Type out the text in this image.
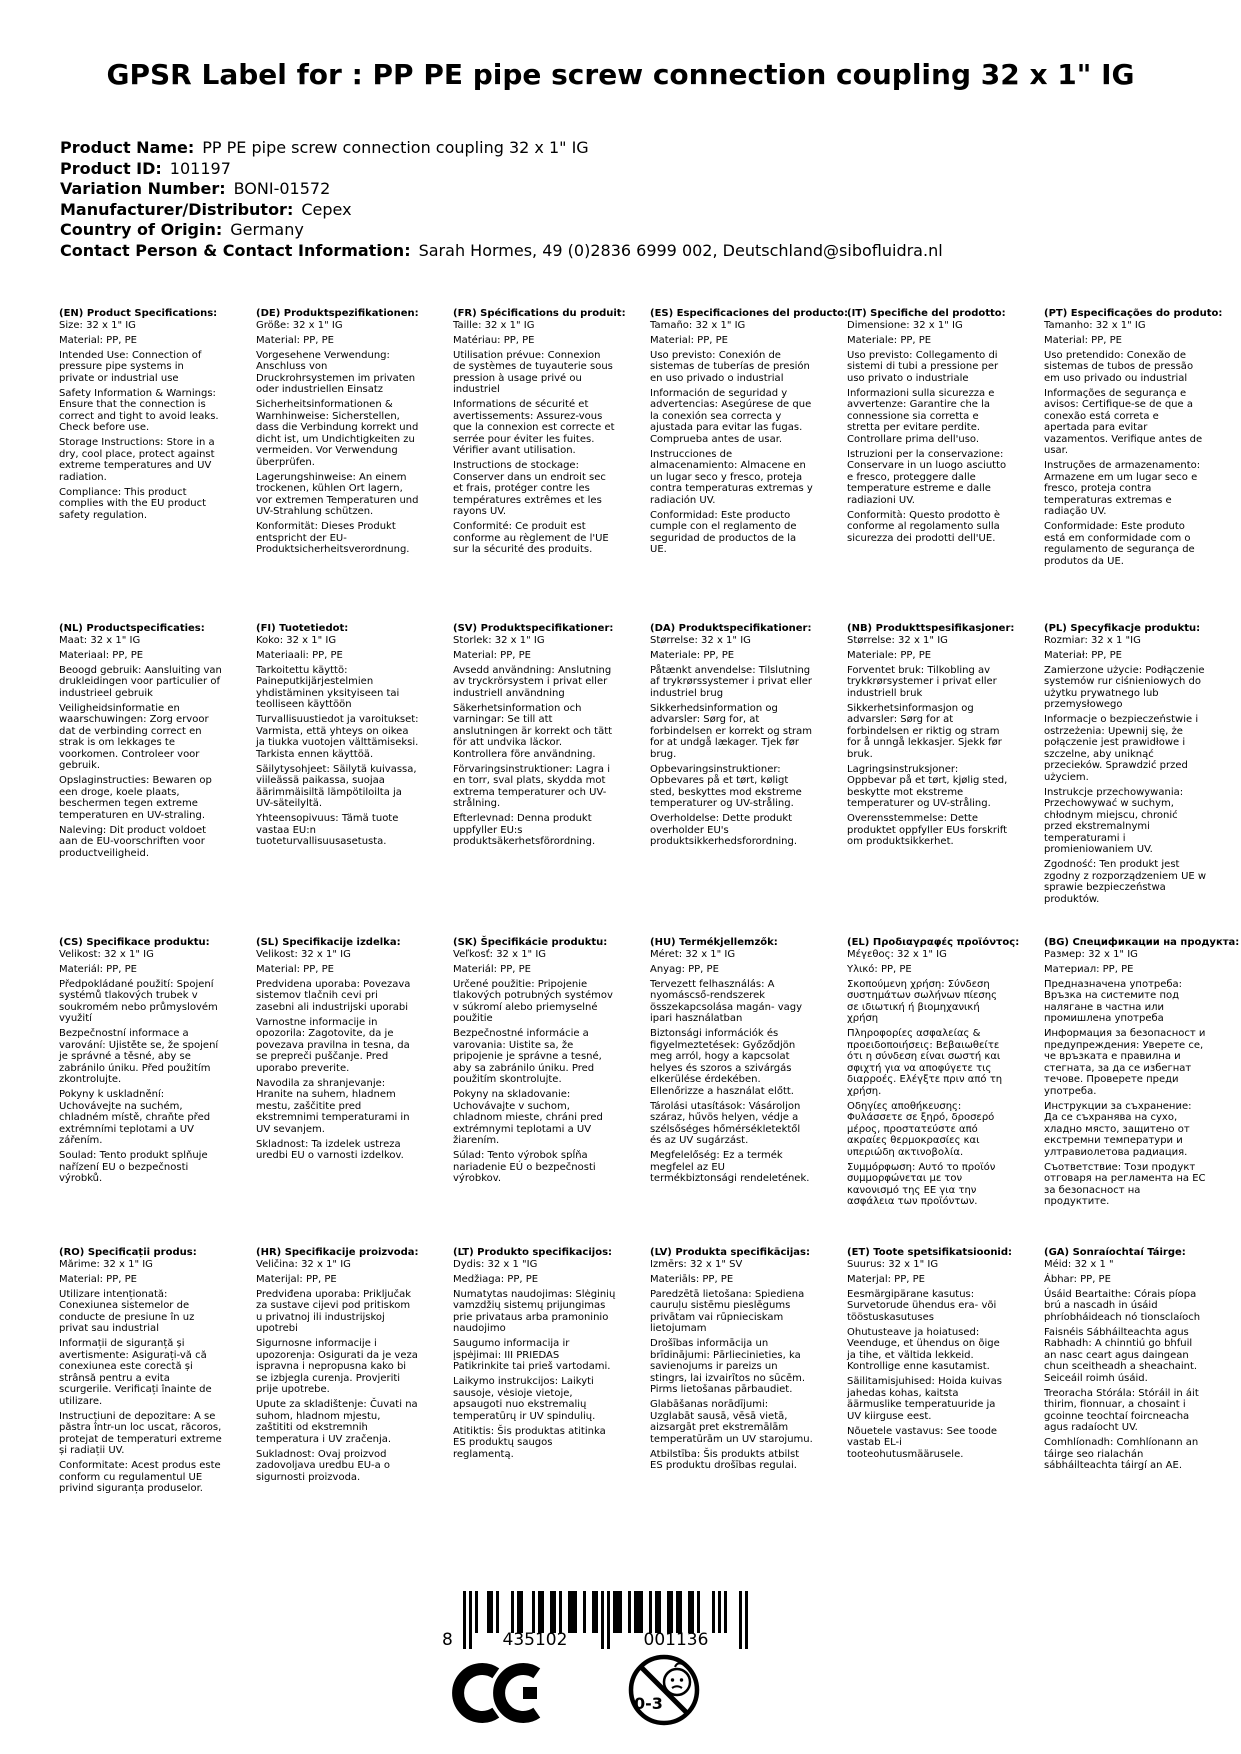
GPSR Label for : PP PE pipe screw connection coupling 32 x 1" IG
Product Name: PP PE pipe screw connection coupling 32 x 1" IG
Product ID: 101197
Variation Number: BONI-01572
Manufacturer/Distributor: Cepex
Country of Origin: Germany
Contact Person & Contact Information: Sarah Hormes, 49 (0)2836 6999 002, Deutschland@sibofluidra.nl
(EN) Product Specifications:
Size: 32 x 1" IG
Material: PP, PE
Intended Use: Connection of pressure pipe systems in private or industrial use
Safety Information & Warnings: Ensure that the connection is correct and tight to avoid leaks. Check before use.
Storage Instructions: Store in a dry, cool place, protect against extreme temperatures and UV radiation.
Compliance: This product complies with the EU product safety regulation.
(DE) Produktspezifikationen:
Größe: 32 x 1" IG
Material: PP, PE
Vorgesehene Verwendung: Anschluss von Druckrohrsystemen im privaten oder industriellen Einsatz
Sicherheitsinformationen & Warnhinweise: Sicherstellen, dass die Verbindung korrekt und dicht ist, um Undichtigkeiten zu vermeiden. Vor Verwendung überprüfen.
Lagerungshinweise: An einem trockenen, kühlen Ort lagern, vor extremen Temperaturen und UV-Strahlung schützen.
Konformität: Dieses Produkt entspricht der EU-Produktsicherheitsverordnung.
(FR) Spécifications du produit:
Taille: 32 x 1" IG
Matériau: PP, PE
Utilisation prévue: Connexion de systèmes de tuyauterie sous pression à usage privé ou industriel
Informations de sécurité et avertissements: Assurez-vous que la connexion est correcte et serrée pour éviter les fuites. Vérifier avant utilisation.
Instructions de stockage: Conserver dans un endroit sec et frais, protéger contre les températures extrêmes et les rayons UV.
Conformité: Ce produit est conforme au règlement de l'UE sur la sécurité des produits.
(ES) Especificaciones del producto:
Tamaño: 32 x 1" IG
Material: PP, PE
Uso previsto: Conexión de sistemas de tuberías de presión en uso privado o industrial
Información de seguridad y advertencias: Asegúrese de que la conexión sea correcta y ajustada para evitar las fugas. Comprueba antes de usar.
Instrucciones de almacenamiento: Almacene en un lugar seco y fresco, proteja contra temperaturas extremas y radiación UV.
Conformidad: Este producto cumple con el reglamento de seguridad de productos de la UE.
(IT) Specifiche del prodotto:
Dimensione: 32 x 1" IG
Materiale: PP, PE
Uso previsto: Collegamento di sistemi di tubi a pressione per uso privato o industriale
Informazioni sulla sicurezza e avvertenze: Garantire che la connessione sia corretta e stretta per evitare perdite. Controllare prima dell'uso.
Istruzioni per la conservazione: Conservare in un luogo asciutto e fresco, proteggere dalle temperature estreme e dalle radiazioni UV.
Conformità: Questo prodotto è conforme al regolamento sulla sicurezza dei prodotti dell'UE.
(PT) Especificações do produto:
Tamanho: 32 x 1" IG
Material: PP, PE
Uso pretendido: Conexão de sistemas de tubos de pressão em uso privado ou industrial
Informações de segurança e avisos: Certifique-se de que a conexão está correta e apertada para evitar vazamentos. Verifique antes de usar.
Instruções de armazenamento: Armazene em um lugar seco e fresco, proteja contra temperaturas extremas e radiação UV.
Conformidade: Este produto está em conformidade com o regulamento de segurança de produtos da UE.
(NL) Productspecificaties:
Maat: 32 x 1" IG
Materiaal: PP, PE
Beoogd gebruik: Aansluiting van drukleidingen voor particulier of industrieel gebruik
Veiligheidsinformatie en waarschuwingen: Zorg ervoor dat de verbinding correct en strak is om lekkages te voorkomen. Controleer voor gebruik.
Opslaginstructies: Bewaren op een droge, koele plaats, beschermen tegen extreme temperaturen en UV-straling.
Naleving: Dit product voldoet aan de EU-voorschriften voor productveiligheid.
(FI) Tuotetiedot:
Koko: 32 x 1" IG
Materiaali: PP, PE
Tarkoitettu käyttö: Paineputkijärjestelmien yhdistäminen yksityiseen tai teolliseen käyttöön
Turvallisuustiedot ja varoitukset: Varmista, että yhteys on oikea ja tiukka vuotojen välttämiseksi. Tarkista ennen käyttöä.
Säilytysohjeet: Säilytä kuivassa, viileässä paikassa, suojaa äärimmäisiltä lämpötiloilta ja UV-säteilyltä.
Yhteensopivuus: Tämä tuote vastaa EU:n tuoteturvallisuusasetusta.
(SV) Produktspecifikationer:
Storlek: 32 x 1" IG
Material: PP, PE
Avsedd användning: Anslutning av tryckrörsystem i privat eller industriell användning
Säkerhetsinformation och varningar: Se till att anslutningen är korrekt och tätt för att undvika läckor. Kontrollera före användning.
Förvaringsinstruktioner: Lagra i en torr, sval plats, skydda mot extrema temperaturer och UV-strålning.
Efterlevnad: Denna produkt uppfyller EU:s produktsäkerhetsförordning.
(DA) Produktspecifikationer:
Størrelse: 32 x 1" IG
Materiale: PP, PE
Påtænkt anvendelse: Tilslutning af trykrørssystemer i privat eller industriel brug
Sikkerhedsinformation og advarsler: Sørg for, at forbindelsen er korrekt og stram for at undgå lækager. Tjek før brug.
Opbevaringsinstruktioner: Opbevares på et tørt, køligt sted, beskyttes mod ekstreme temperaturer og UV-stråling.
Overholdelse: Dette produkt overholder EU's produktsikkerhedsforordning.
(NB) Produkttspesifikasjoner:
Størrelse: 32 x 1" IG
Materiale: PP, PE
Forventet bruk: Tilkobling av trykkrørsystemer i privat eller industriell bruk
Sikkerhetsinformasjon og advarsler: Sørg for at forbindelsen er riktig og stram for å unngå lekkasjer. Sjekk før bruk.
Lagringsinstruksjoner: Oppbevar på et tørt, kjølig sted, beskytte mot ekstreme temperaturer og UV-stråling.
Overensstemmelse: Dette produktet oppfyller EUs forskrift om produktsikkerhet.
(PL) Specyfikacje produktu:
Rozmiar: 32 x 1 "IG
Materiał: PP, PE
Zamierzone użycie: Podłączenie systemów rur ciśnieniowych do użytku prywatnego lub przemysłowego
Informacje o bezpieczeństwie i ostrzeżenia: Upewnij się, że połączenie jest prawidłowe i szczelne, aby uniknąć przecieków. Sprawdzić przed użyciem.
Instrukcje przechowywania: Przechowywać w suchym, chłodnym miejscu, chronić przed ekstremalnymi temperaturami i promieniowaniem UV.
Zgodność: Ten produkt jest zgodny z rozporządzeniem UE w sprawie bezpieczeństwa produktów.
(CS) Specifikace produktu:
Velikost: 32 x 1" IG
Materiál: PP, PE
Předpokládané použití: Spojení systémů tlakových trubek v soukromém nebo průmyslovém využití
Bezpečnostní informace a varování: Ujistěte se, že spojení je správné a těsné, aby se zabránilo úniku. Před použitím zkontrolujte.
Pokyny k uskladnění: Uchovávejte na suchém, chladném místě, chraňte před extrémními teplotami a UV zářením.
Soulad: Tento produkt splňuje nařízení EU o bezpečnosti výrobků.
(SL) Specifikacije izdelka:
Velikost: 32 x 1" IG
Material: PP, PE
Predvidena uporaba: Povezava sistemov tlačnih cevi pri zasebni ali industrijski uporabi
Varnostne informacije in opozorila: Zagotovite, da je povezava pravilna in tesna, da se prepreči puščanje. Pred uporabo preverite.
Navodila za shranjevanje: Hranite na suhem, hladnem mestu, zaščitite pred ekstremnimi temperaturami in UV sevanjem.
Skladnost: Ta izdelek ustreza uredbi EU o varnosti izdelkov.
(SK) Špecifikácie produktu:
Veľkosť: 32 x 1" IG
Materiál: PP, PE
Určené použitie: Pripojenie tlakových potrubných systémov v súkromí alebo priemyselné použitie
Bezpečnostné informácie a varovania: Uistite sa, že pripojenie je správne a tesné, aby sa zabránilo úniku. Pred použitím skontrolujte.
Pokyny na skladovanie: Uchovávajte v suchom, chladnom mieste, chráni pred extrémnymi teplotami a UV žiarením.
Súlad: Tento výrobok spĺňa nariadenie EÚ o bezpečnosti výrobkov.
(HU) Termékjellemzők:
Méret: 32 x 1" IG
Anyag: PP, PE
Tervezett felhasználás: A nyomáscső-rendszerek összekapcsolása magán- vagy ipari használatban
Biztonsági információk és figyelmeztetések: Győződjön meg arról, hogy a kapcsolat helyes és szoros a szivárgás elkerülése érdekében. Ellenőrizze a használat előtt.
Tárolási utasítások: Vásároljon száraz, hűvös helyen, védje a szélsőséges hőmérsékletektől és az UV sugárzást.
Megfelelőség: Ez a termék megfelel az EU termékbiztonsági rendeletének.
(EL) Προδιαγραφές προϊόντος:
Μέγεθος: 32 x 1" IG
Υλικό: PP, PE
Σκοπούμενη χρήση: Σύνδεση συστημάτων σωλήνων πίεσης σε ιδιωτική ή βιομηχανική χρήση
Πληροφορίες ασφαλείας & προειδοποιήσεις: Βεβαιωθείτε ότι η σύνδεση είναι σωστή και σφιχτή για να αποφύγετε τις διαρροές. Ελέγξτε πριν από τη χρήση.
Οδηγίες αποθήκευσης: Φυλάσσετε σε ξηρό, δροσερό μέρος, προστατεύστε από ακραίες θερμοκρασίες και υπεριώδη ακτινοβολία.
Συμμόρφωση: Αυτό το προϊόν συμμορφώνεται με τον κανονισμό της ΕΕ για την ασφάλεια των προϊόντων.
(BG) Спецификации на продукта:
Размер: 32 x 1" IG
Материал: PP, PE
Предназначена употреба: Връзка на системите под налягане в частна или промишлена употреба
Информация за безопасност и предупреждения: Уверете се, че връзката е правилна и стегната, за да се избегнат течове. Проверете преди употреба.
Инструкции за съхранение: Да се съхранява на сухо, хладно място, защитено от екстремни температури и ултравиолетова радиация.
Съответствие: Този продукт отговаря на регламента на ЕС за безопасност на продуктите.
(RO) Specificații produs:
Mărime: 32 x 1" IG
Material: PP, PE
Utilizare intenționată: Conexiunea sistemelor de conducte de presiune în uz privat sau industrial
Informații de siguranță și avertismente: Asigurați-vă că conexiunea este corectă și strânsă pentru a evita scurgerile. Verificați înainte de utilizare.
Instrucțiuni de depozitare: A se păstra într-un loc uscat, răcoros, protejat de temperaturi extreme și radiații UV.
Conformitate: Acest produs este conform cu regulamentul UE privind siguranța produselor.
(HR) Specifikacije proizvoda:
Veličina: 32 x 1" IG
Materijal: PP, PE
Predviđena uporaba: Priključak za sustave cijevi pod pritiskom u privatnoj ili industrijskoj upotrebi
Sigurnosne informacije i upozorenja: Osigurati da je veza ispravna i nepropusna kako bi se izbjegla curenja. Provjeriti prije upotrebe.
Upute za skladištenje: Čuvati na suhom, hladnom mjestu, zaštititi od ekstremnih temperatura i UV zračenja.
Sukladnost: Ovaj proizvod zadovoljava uredbu EU-a o sigurnosti proizvoda.
(LT) Produkto specifikacijos:
Dydis: 32 x 1 "IG
Medžiaga: PP, PE
Numatytas naudojimas: Slėginių vamzdžių sistemų prijungimas prie privataus arba pramoninio naudojimo
Saugumo informacija ir įspėjimai: III PRIEDAS Patikrinkite tai prieš vartodami.
Laikymo instrukcijos: Laikyti sausoje, vėsioje vietoje, apsaugoti nuo ekstremalių temperatūrų ir UV spindulių.
Atitiktis: Šis produktas atitinka ES produktų saugos reglamentą.
(LV) Produkta specifikācijas:
Izmērs: 32 x 1" SV
Materiāls: PP, PE
Paredzētā lietošana: Spiediena cauruļu sistēmu pieslēgums privātam vai rūpnieciskam lietojumam
Drošības informācija un brīdinājumi: Pārliecinieties, ka savienojums ir pareizs un stingrs, lai izvairītos no sūcēm. Pirms lietošanas pārbaudiet.
Glabāšanas norādījumi: Uzglabāt sausā, vēsā vietā, aizsargāt pret ekstremālām temperatūrām un UV starojumu.
Atbilstība: Šis produkts atbilst ES produktu drošības regulai.
(ET) Toote spetsifikatsioonid:
Suurus: 32 x 1" IG
Materjal: PP, PE
Eesmärgipärane kasutus: Survetorude ühendus era- või tööstuskasutuses
Ohutusteave ja hoiatused: Veenduge, et ühendus on õige ja tihe, et vältida lekkeid. Kontrollige enne kasutamist.
Säilitamisjuhised: Hoida kuivas jahedas kohas, kaitsta äärmuslike temperatuuride ja UV kiirguse eest.
Nõuetele vastavus: See toode vastab EL-i tooteohutusmäärusele.
(GA) Sonraíochtaí Táirge:
Méid: 32 x 1 "
Ábhar: PP, PE
Úsáid Beartaithe: Córais píopa brú a nascadh in úsáid phríobháideach nó tionsclaíoch
Faisnéis Sábháilteachta agus Rabhadh: A chinntiú go bhfuil an nasc ceart agus daingean chun sceitheadh a sheachaint. Seiceáil roimh úsáid.
Treoracha Stórála: Stóráil in áit thirim, fionnuar, a chosaint i gcoinne teochtaí foircneacha agus radaíocht UV.
Comhlíonadh: Comhlíonann an táirge seo rialachán sábháilteachta táirgí an AE.
8	435102	001136
0-3
